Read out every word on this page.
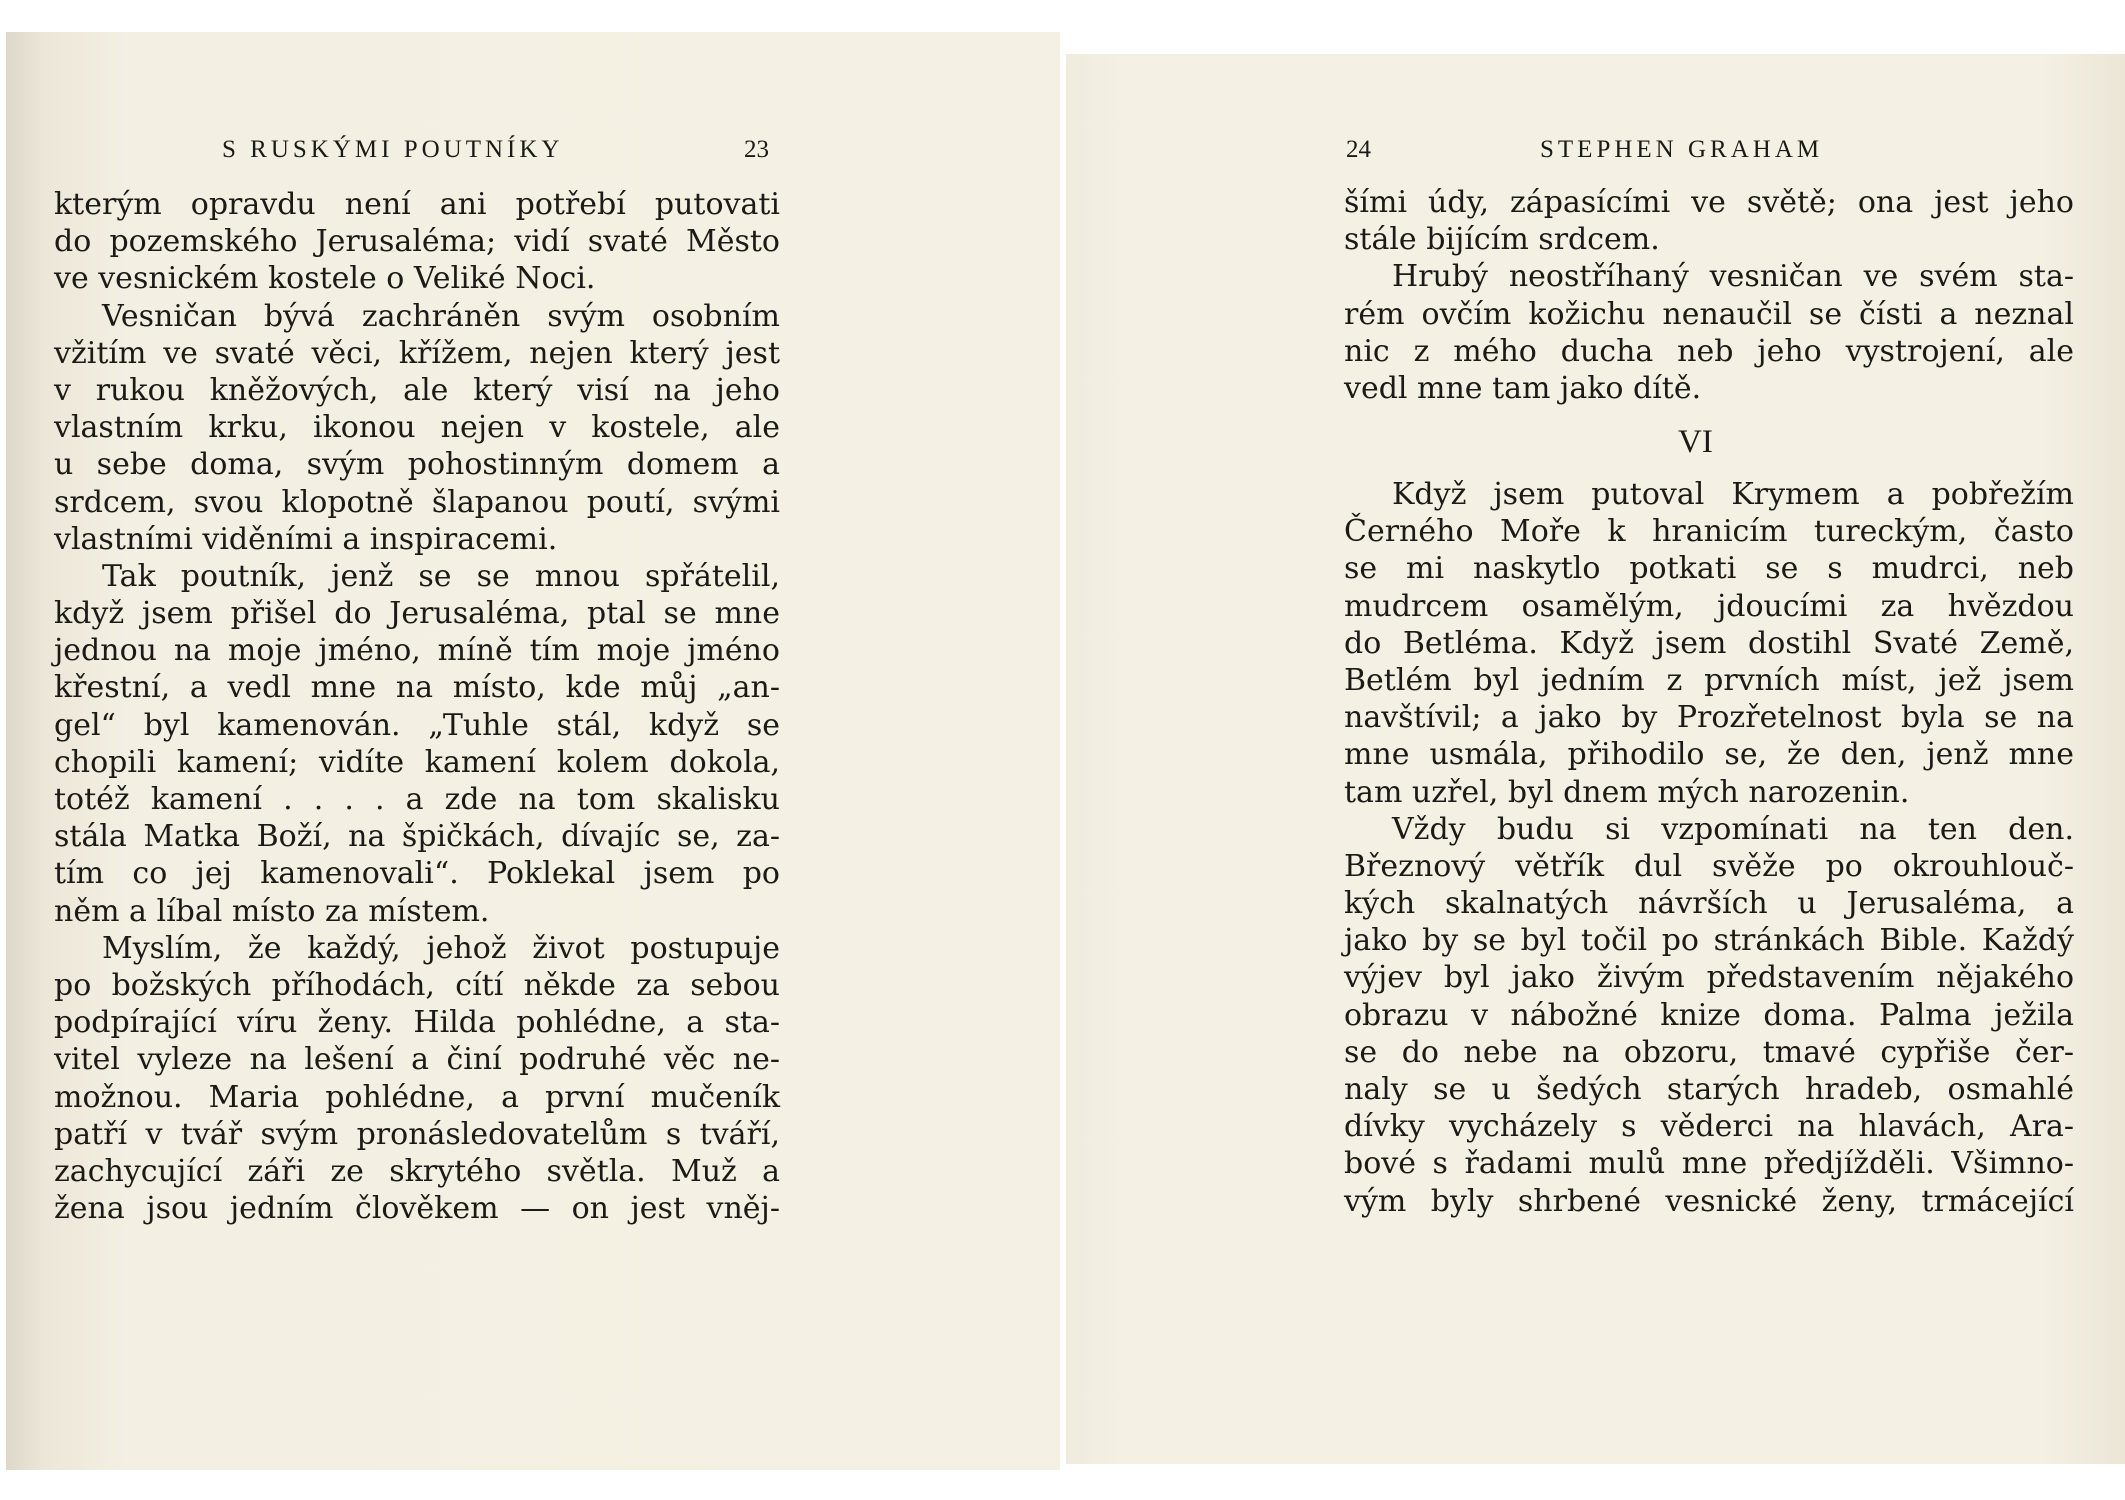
S RUSKÝMI POUTNÍKY	23
kterým opravdu není ani potřebí putovati
do pozemského Jerusaléma; vidí svaté Město
ve vesnickém kostele o Veliké Noci.
Vesničan bývá zachráněn svým osobním
vžitím ve svaté věci, křížem, nejen který jest
v rukou kněžových, ale který visí na jeho
vlastním krku, ikonou nejen v kostele, ale
u sebe doma, svým pohostinným domem a
srdcem, svou klopotně šlapanou poutí, svými
vlastními viděními a inspiracemi.
Tak poutník, jenž se se mnou spřátelil,
když jsem přišel do Jerusaléma, ptal se mne
jednou na moje jméno, míně tím moje jméno
křestní, a vedl mne na místo, kde můj „an-
gel“ byl kamenován. „Tuhle stál, když se
chopili kamení; vidíte kamení kolem dokola,
totéž kamení . . . . a zde na tom skalisku
stála Matka Boží, na špičkách, dívajíc se, za-
tím co jej kamenovali“. Poklekal jsem po
něm a líbal místo za místem.
Myslím, že každý, jehož život postupuje
po božských příhodách, cítí někde za sebou
podpírající víru ženy. Hilda pohlédne, a sta-
vitel vyleze na lešení a činí podruhé věc ne-
možnou. Maria pohlédne, a první mučeník
patří v tvář svým pronásledovatelům s tváří,
zachycující záři ze skrytého světla. Muž a
žena jsou jedním člověkem — on jest vněj-
24	STEPHEN GRAHAM
šími údy, zápasícími ve světě; ona jest jeho
stále bijícím srdcem.
Hrubý neostříhaný vesničan ve svém sta-
rém ovčím kožichu nenaučil se čísti a neznal
nic z mého ducha neb jeho vystrojení, ale
vedl mne tam jako dítě.
VI
Když jsem putoval Krymem a pobřežím
Černého Moře k hranicím tureckým, často
se mi naskytlo potkati se s mudrci, neb
mudrcem osamělým, jdoucími za hvězdou
do Betléma. Když jsem dostihl Svaté Země,
Betlém byl jedním z prvních míst, jež jsem
navštívil; a jako by Prozřetelnost byla se na
mne usmála, přihodilo se, že den, jenž mne
tam uzřel, byl dnem mých narozenin.
Vždy budu si vzpomínati na ten den.
Březnový větřík dul svěže po okrouhlouč-
kých skalnatých návrších u Jerusaléma, a
jako by se byl točil po stránkách Bible. Každý
výjev byl jako živým představením nějakého
obrazu v nábožné knize doma. Palma ježila
se do nebe na obzoru, tmavé cypřiše čer-
naly se u šedých starých hradeb, osmahlé
dívky vycházely s věderci na hlavách, Ara-
bové s řadami mulů mne předjížděli. Všimno-
vým byly shrbené vesnické ženy, trmácející
